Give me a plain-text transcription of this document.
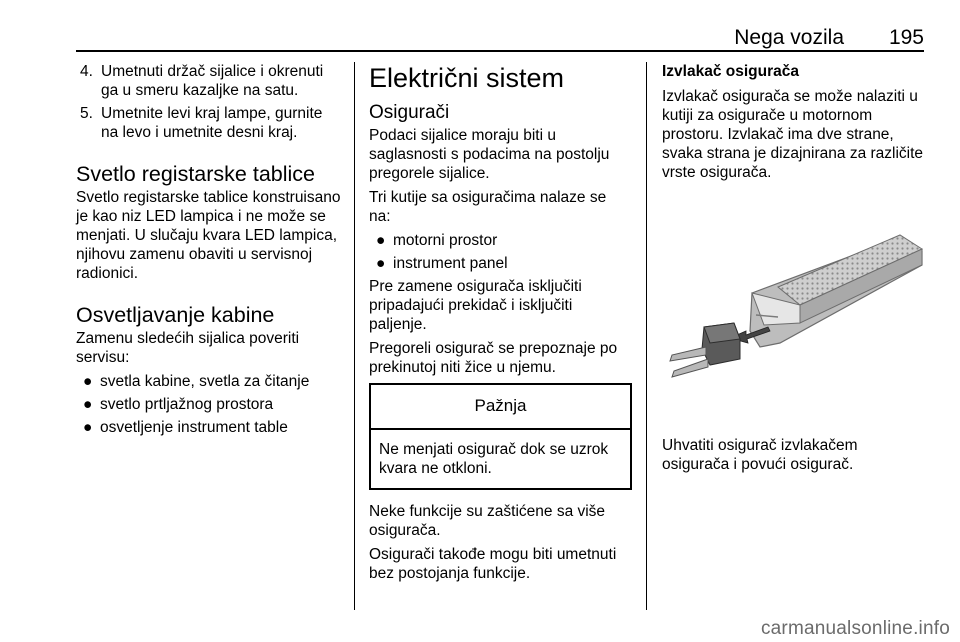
Nega vozila 195
4. Umetnuti držač sijalice i okrenuti ga u smeru kazaljke na satu.
5. Umetnite levi kraj lampe, gurnite na levo i umetnite desni kraj.
Svetlo registarske tablice

Svetlo registarske tablice konstruisano je kao niz LED lampica i ne može se menjati. U slučaju kvara LED lampica, njihovu zamenu obaviti u servisnoj radionici.

Osvetljavanje kabine

Zamenu sledećih sijalica poveriti servisu:

● svetla kabine, svetla za čitanje
● svetlo prtljažnog prostora
● osvetljenje instrument table
Električni sistem
Osigurači

Podaci sijalice moraju biti u saglasnosti s podacima na postolju pregorele sijalice.

Tri kutije sa osiguračima nalaze se na:

● motorni prostor
● instrument panel

Pre zamene osigurača isključiti pripadajući prekidač i isključiti paljenje.

Pregoreli osigurač se prepoznaje po prekinutoj niti žice u njemu.

Pažnja
Ne menjati osigurač dok se uzrok kvara ne otkloni.

Neke funkcije su zaštićene sa više osigurača.

Osigurači takođe mogu biti umetnuti bez postojanja funkcije.

Izvlakač osigurača

Izvlakač osigurača se može nalaziti u kutiji za osigurače u motornom prostoru. Izvlakač ima dve strane, svaka strana je dizajnirana za različite vrste osigurača.

Uhvatiti osigurač izvlakačem osigurača i povući osigurač.

carmanualsonline.info
